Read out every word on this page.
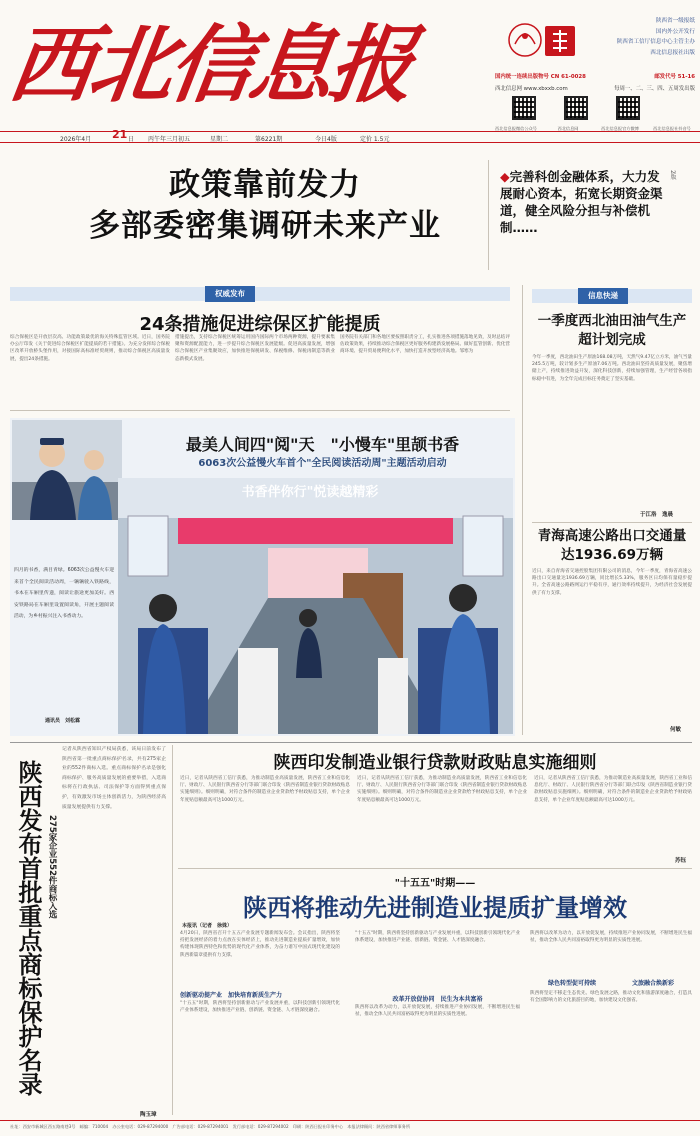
西北信息报	陕西省一级报纸
国内外公开发行
陕西省工信厅信息中心主管主办
西北信息报社出版
国内统一连续出版物号 CN 61-0028	邮发代号 51-16
西北信息网 www.xbxxb.com	每周一、二、三、四、五周发出版
西北信息报微信公众号	西北信息网	西北信息报官方微博	西北信息报社抖音号
2026年4月 21 日 丙午年三月初五	星期二	第6221期	今日4版	定价 1.5元
政策靠前发力
多部委密集调研未来产业
◆完善科创金融体系，大力发展耐心资本，拓宽长期资金渠道，健全风险分担与补偿机制……
2版
权威发布
24条措施促进综保区扩能提质
综合保税区是开放层次高、功能政策最优的海关特殊监管区域。近日，国务院办公厅印发《关于促进综合保税区扩能提质的若干措施》。为充分发挥综合保税区改革开放桥头堡作用，对接国际高标准经贸规则，推动综合保税区高质量发展，提出24条措施。
措施提出，支持综合保税区统筹运用国内国际两个市场两种资源，提升要素集聚和资源配置能力，进一步提升综合保税区发展能级。促进高质量发展，增强综合保税区产业集聚效应，加快推进保税研发、保税维修、保税再制造等新业态新模式发展。
国务院有关部门和各地区要按照职责分工，扎实推进各项措施落地见效，及时总结评估政策效果，持续推动综合保税区更好服务构建新发展格局。做好监管创新、优化营商环境、提升贸易便利化水平，加快打造开放型经济高地。邹寒为
信息快递
一季度西北油田油气生产超计划完成
今年一季度，西北油田生产原油168.08万吨，天然气9.47亿立方米，油气当量245.5万吨，较计划多生产原油7.06万吨。西北油田坚持高质量发展，聚焦增储上产，持续推进效益开发，深化科技创新，持续加强管理，生产经营各项指标稳中有进，为全年完成目标任务奠定了坚实基础。
于江洛　逸晨
青海高速公路出口交通量达1936.69万辆
近日，来自青海省交通控股集团有限公司的消息，今年一季度，青海省高速公路出口交通量达1936.69万辆，同比增长5.33%，服务区日均保有量稳步提升。全省高速公路路网运行平稳有序，通行效率持续提升，为经济社会发展提供了有力支撑。
何敏
最美人间四"阅"天　"小慢车"里颉书香
6063次公益慢火车首个"全民阅读活动周"主题活动启动
书香伴你行"悦读越精彩
四月的书香，满目青绿。6063次公益慢火车迎来首个全民阅读活动周，一辆辆驶入铁路线，书本在车厢里传递，阅读让旅途更加美好。西安铁路局在车厢里设置阅读角，开展主题阅读活动，为乡村振兴注入书香动力。
通讯员　刘松霖
陕西发布首批重点商标保护名录 275家企业552件商标入选
记者从陕西省知识产权局获悉，该局日前发布了陕西省第一批重点商标保护名录，共有275家企业的552件商标入选。重点商标保护名录是强化商标保护、服务高质量发展的重要举措，入选商标将在行政执法、司法保护等方面得到重点保护，有效激发市场主体创新活力，为陕西经济高质量发展提供有力支撑。
陶玉璋
陕西印发制造业银行贷款财政贴息实施细则
近日，记者从陕西省工信厅获悉，为推动制造业高质量发展，陕西省工业和信息化厅、财政厅、人民银行陕西省分行等部门联合印发《陕西省制造业银行贷款财政贴息实施细则》。细则明确，对符合条件的制造业企业贷款给予财政贴息支持，单个企业年度贴息额最高可达1000万元。
近日，记者从陕西省工信厅获悉，为推动制造业高质量发展，陕西省工业和信息化厅、财政厅、人民银行陕西省分行等部门联合印发《陕西省制造业银行贷款财政贴息实施细则》。细则明确，对符合条件的制造业企业贷款给予财政贴息支持，单个企业年度贴息额最高可达1000万元。
近日，记者从陕西省工信厅获悉，为推动制造业高质量发展，陕西省工业和信息化厅、财政厅、人民银行陕西省分行等部门联合印发《陕西省制造业银行贷款财政贴息实施细则》。细则明确，对符合条件的制造业企业贷款给予财政贴息支持，单个企业年度贴息额最高可达1000万元。
苏钰
"十五五"时期——
陕西将推动先进制造业提质扩量增效
本报讯（记者　徐姝）
4月20日，陕西省召开十五五产业发展专题新闻发布会。会议指出，陕西将坚持把发展经济的着力点放在实体经济上，推动先进制造业提质扩量增效，加快构建体现陕西特色和优势的现代化产业体系，为奋力谱写中国式现代化建设的陕西新篇章提供有力支撑。
创新驱动提产业　加快培育新质生产力
"十五五"时期，陕西将坚持创新驱动与产业发展并重，以科技创新引领现代化产业体系建设，加快推进产业链、创新链、资金链、人才链深度融合。
"十五五"时期，陕西将坚持创新驱动与产业发展并重，以科技创新引领现代化产业体系建设，加快推进产业链、创新链、资金链、人才链深度融合。
改革开放促协同　民生为本共富裕
陕西将以改革为动力，以开放促发展，持续推进产业协同发展，不断增进民生福祉，推动全体人民共同富裕取得更为明显的实质性进展。
陕西将以改革为动力，以开放促发展，持续推进产业协同发展，不断增进民生福祉，推动全体人民共同富裕取得更为明显的实质性进展。
绿色转型促可持续	文旅融合焕新彩
陕西将坚定不移走生态优先、绿色发展之路，推动文化和旅游深度融合，打造具有全国影响力的文化旅游目的地，加快建设文化强省。
社址：西安市新城区西五路南巷3号　邮编：710004　办公室电话：029-87294000　广告部电话：029-87294001　发行部电话：029-87294002　印刷：陕西日报社印务中心　本报法律顾问：陕西省律师事务所
